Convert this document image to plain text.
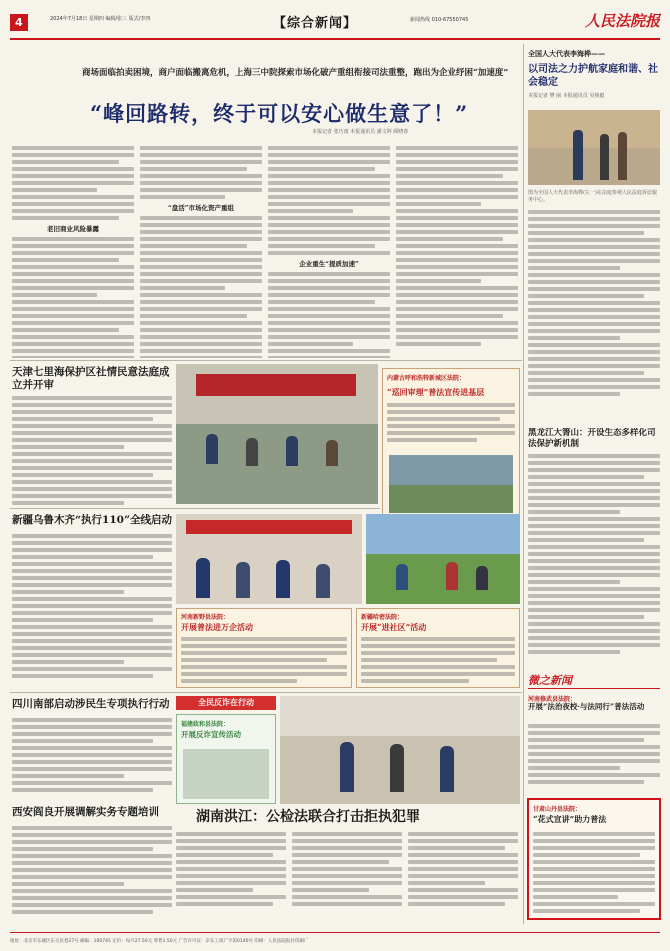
4	2024年7月18日 星期四 编辑/张三 版式/李四	【综合新闻】	新闻热线 010-67550745	人民法院报
商场面临拍卖困境，商户面临搬离危机，上海三中院探索市场化破产重组衔接司法重整，跑出为企业纾困“加速度”
“峰回路转，终于可以安心做生意了！”
本报记者 张巧雨 本报通讯员 潘文婷 顾晓春
老旧商业风险暴露
“盘活”市场化资产重组
企业重生“提质加速”
全国人大代表李海桦——
以司法之力护航家庭和谐、社会稳定
本报记者 樊 丽 本报通讯员 吴杨毅
图为全国人大代表李海桦(左一)在法庭参观人民法庭诉讼服务中心。
天津七里海保护区社情民意法庭成立并开审
内蒙古呼和浩特新城区法院：
“巡回审理”普法宣传进基层
黑龙江大箐山：开设生态多样化司法保护新机制
新疆乌鲁木齐“执行110”全线启动
河南新野县法院：
开展普法进万企活动
新疆哈密法院：
开展“进社区”活动
微之新闻
河南修武县法院：
开展“法治夜校·与法同行”普法活动
甘肃山丹县法院：
“花式宣讲”助力普法
四川南部启动涉民生专项执行行动
西安阎良开展调解实务专题培训
全民反诈在行动
福建政和县法院：
开展反诈宣传活动
湖南洪江：公检法联合打击拒执犯罪
地址：北京市东城区东交民巷27号 邮编：100745 定价：每月27.50元 零售1.50元 广告许可证：京东工商广字第0140号 印刷：人民法院报社印刷厂
